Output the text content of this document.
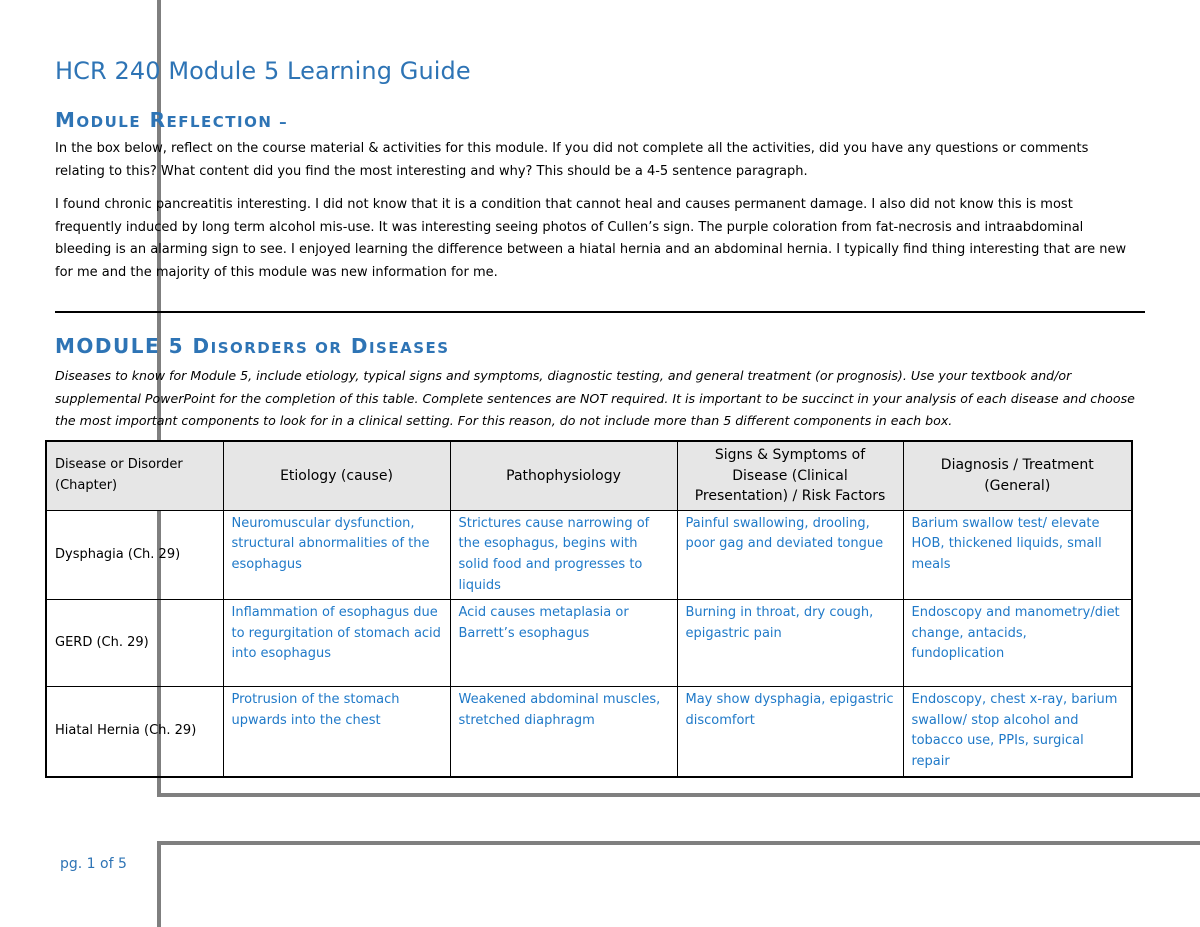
HCR 240 Module 5 Learning Guide
MODULE REFLECTION –
In the box below, reflect on the course material & activities for this module. If you did not complete all the activities, did you have any questions or comments relating to this? What content did you find the most interesting and why? This should be a 4-5 sentence paragraph.
I found chronic pancreatitis interesting. I did not know that it is a condition that cannot heal and causes permanent damage. I also did not know this is most frequently induced by long term alcohol mis-use. It was interesting seeing photos of Cullen’s sign. The purple coloration from fat-necrosis and intraabdominal bleeding is an alarming sign to see. I enjoyed learning the difference between a hiatal hernia and an abdominal hernia. I typically find thing interesting that are new for me and the majority of this module was new information for me.
MODULE 5 DISORDERS OR DISEASES
Diseases to know for Module 5, include etiology, typical signs and symptoms, diagnostic testing, and general treatment (or prognosis). Use your textbook and/or supplemental PowerPoint for the completion of this table. Complete sentences are NOT required. It is important to be succinct in your analysis of each disease and choose the most important components to look for in a clinical setting. For this reason, do not include more than 5 different components in each box.
Disease or Disorder (Chapter)	Etiology (cause)	Pathophysiology	Signs & Symptoms of Disease (Clinical Presentation) / Risk Factors	Diagnosis / Treatment (General)
Dysphagia (Ch. 29)	Neuromuscular dysfunction, structural abnormalities of the esophagus	Strictures cause narrowing of the esophagus, begins with solid food and progresses to liquids	Painful swallowing, drooling, poor gag and deviated tongue	Barium swallow test/ elevate HOB, thickened liquids, small meals
GERD (Ch. 29)	Inflammation of esophagus due to regurgitation of stomach acid into esophagus	Acid causes metaplasia or Barrett’s esophagus	Burning in throat, dry cough, epigastric pain	Endoscopy and manometry/diet change, antacids, fundoplication
Hiatal Hernia (Ch. 29)	Protrusion of the stomach upwards into the chest	Weakened abdominal muscles, stretched diaphragm	May show dysphagia, epigastric discomfort	Endoscopy, chest x-ray, barium swallow/ stop alcohol and tobacco use, PPIs, surgical repair
pg. 1 of 5
